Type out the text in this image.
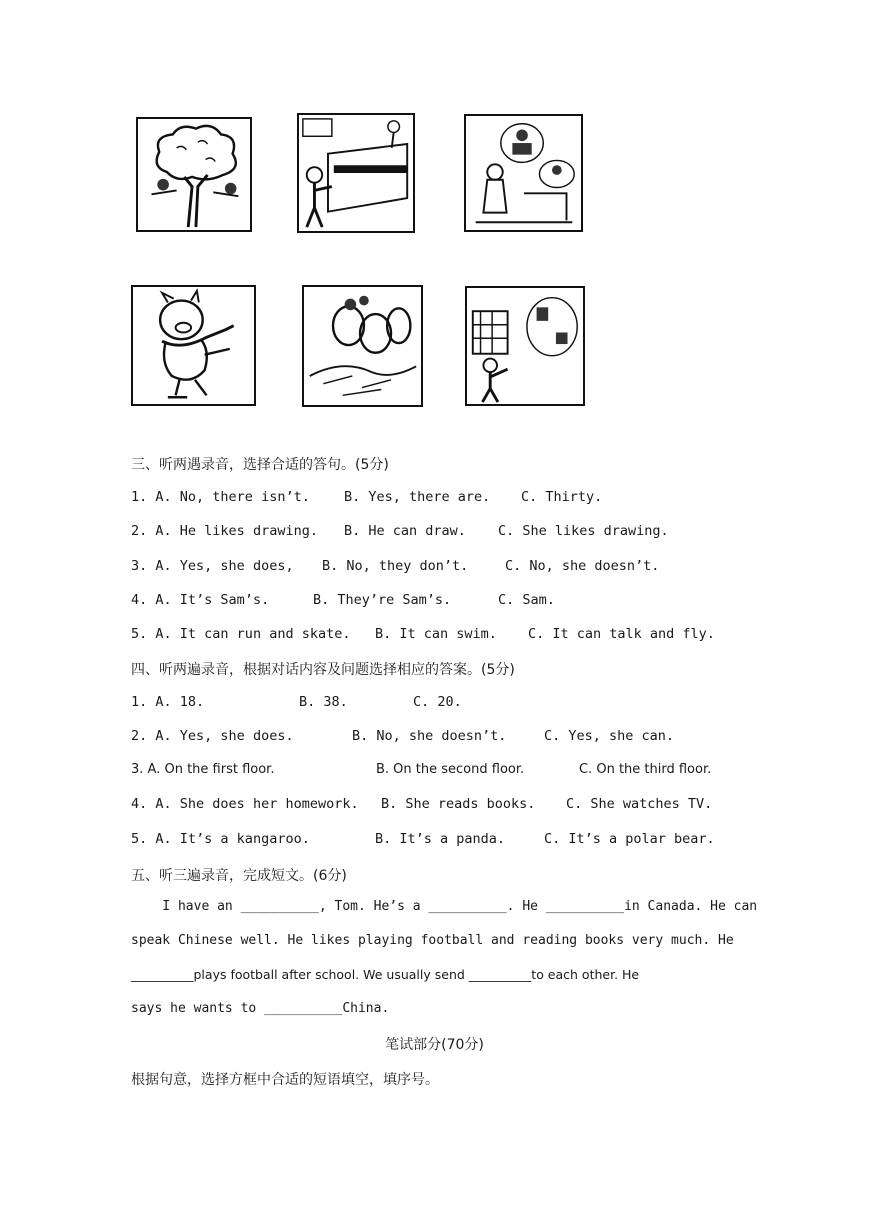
三、听两遇录音，选择合适的答句。(5分)
1. A. No, there isn’t.	B. Yes, there are. C. Thirty.
2. A. He likes drawing. B. He can draw. C. She likes drawing.
3. A. Yes, she does, B. No, they don’t.	C. No, she doesn’t.
4. A. It’s Sam’s.	B. They’re Sam’s.	C. Sam.
5. A. It can run and skate. B. It can swim. C. It can talk and fly.
四、听两遍录音，根据对话内容及问题选择相应的答案。(5分)
1. A. 18.	B. 38.	C. 20.
2. A. Yes, she does.	B. No, she doesn’t.	C. Yes, she can.
3. A. On the first floor.	B. On the second floor.	C. On the third floor.
4. A. She does her homework. B. She reads books. C. She watches TV.
5. A. It’s a kangaroo.	B. It’s a panda.	C. It’s a polar bear.
五、听三遍录音，完成短文。(6分)
I have an __________, Tom. He’s a __________. He __________in Canada. He can
speak Chinese well. He likes playing football and reading books very much. He
__________plays football after school. We usually send __________to each other. He
says he wants to __________China.
笔试部分(70分)
根据句意，选择方框中合适的短语填空，填序号。
